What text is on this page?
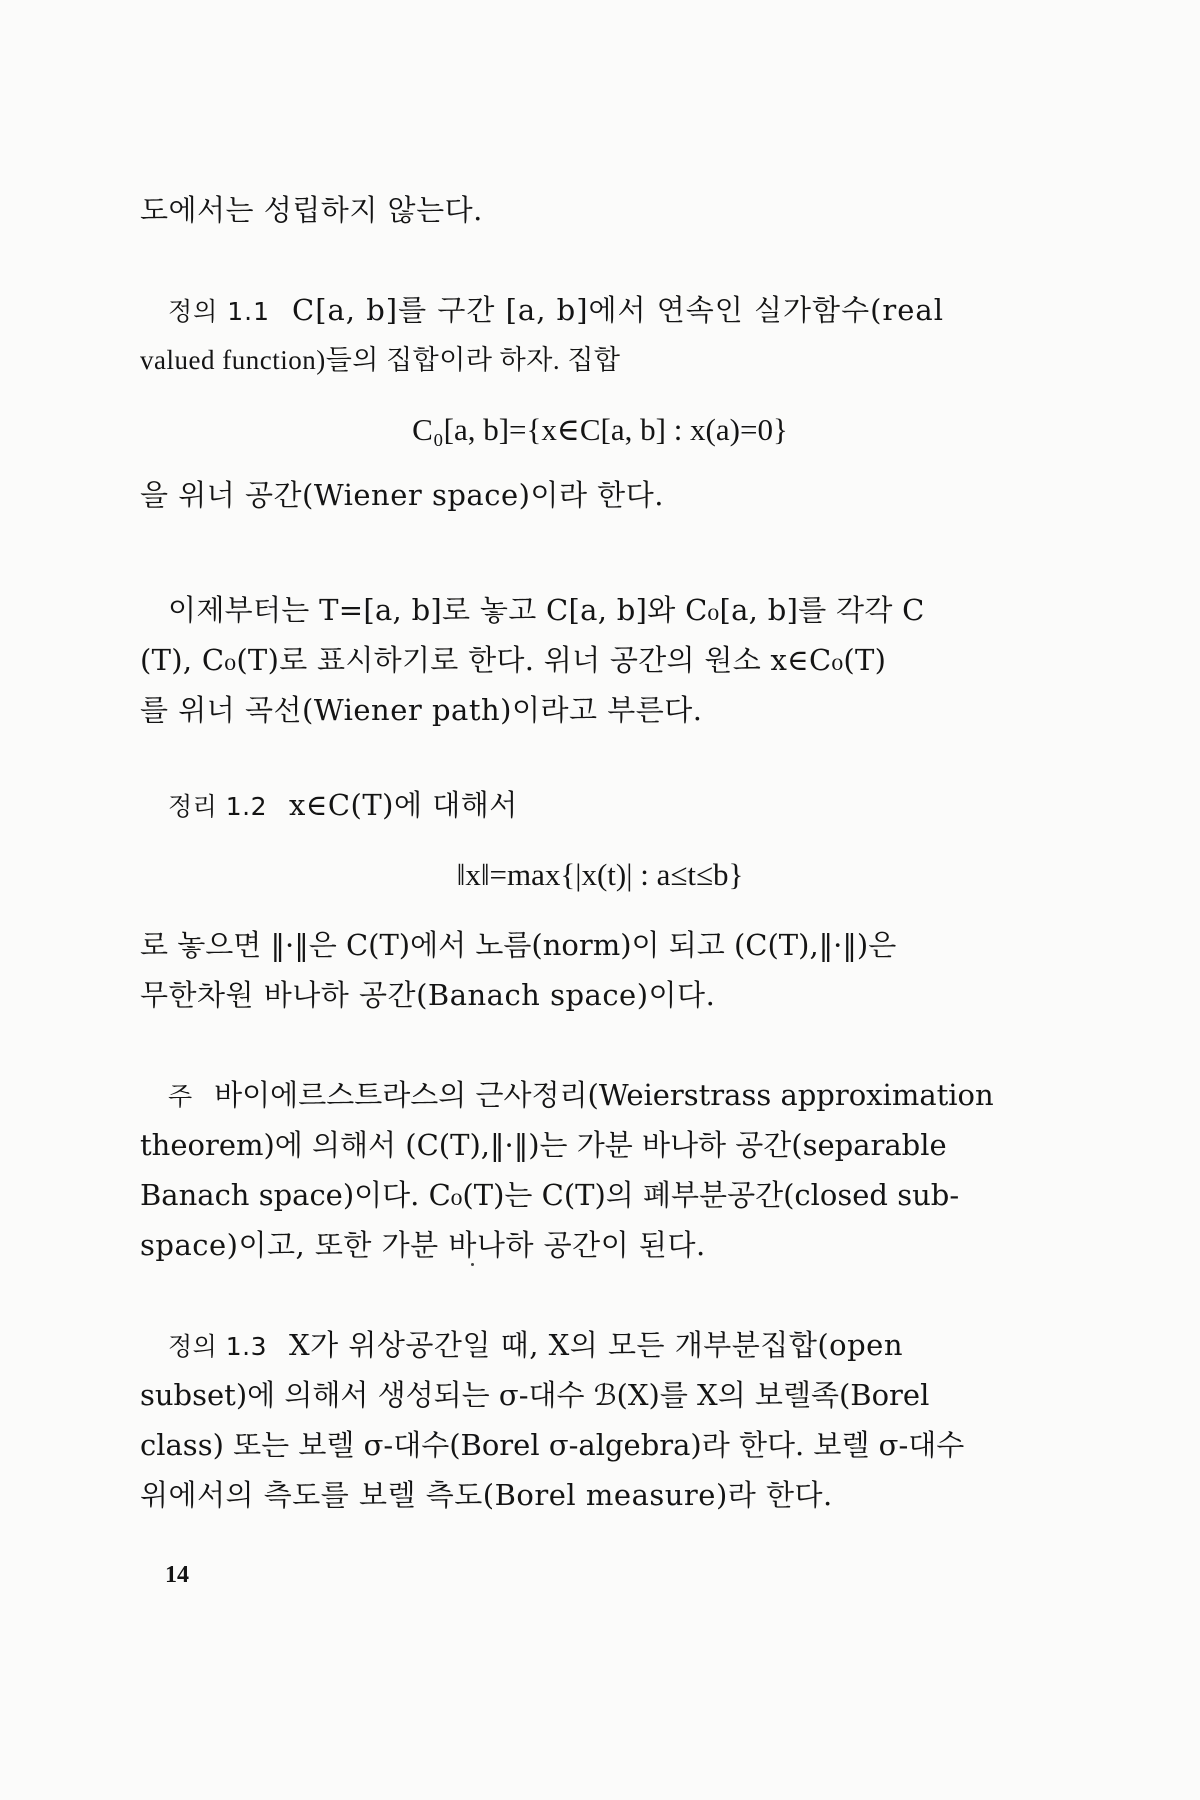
도에서는 성립하지 않는다.
정의 1.1 C[a, b]를 구간 [a, b]에서 연속인 실가함수(real
valued function)들의 집합이라 하자. 집합
C₀[a, b]={x∈C[a, b] : x(a)=0}
을 위너 공간(Wiener space)이라 한다.
이제부터는 T=[a, b]로 놓고 C[a, b]와 C₀[a, b]를 각각 C
(T), C₀(T)로 표시하기로 한다. 위너 공간의 원소 x∈C₀(T)
를 위너 곡선(Wiener path)이라고 부른다.
정리 1.2 x∈C(T)에 대해서
‖x‖=max{|x(t)| : a≤t≤b}
로 놓으면 ‖·‖은 C(T)에서 노름(norm)이 되고 (C(T),‖·‖)은
무한차원 바나하 공간(Banach space)이다.
주 바이에르스트라스의 근사정리(Weierstrass approximation
theorem)에 의해서 (C(T),‖·‖)는 가분 바나하 공간(separable
Banach space)이다. C₀(T)는 C(T)의 폐부분공간(closed sub-
space)이고, 또한 가분 바나하 공간이 된다.
정의 1.3 X가 위상공간일 때, X의 모든 개부분집합(open
subset)에 의해서 생성되는 σ-대수 ℬ(X)를 X의 보렐족(Borel
class) 또는 보렐 σ-대수(Borel σ-algebra)라 한다. 보렐 σ-대수
위에서의 측도를 보렐 측도(Borel measure)라 한다.
14
